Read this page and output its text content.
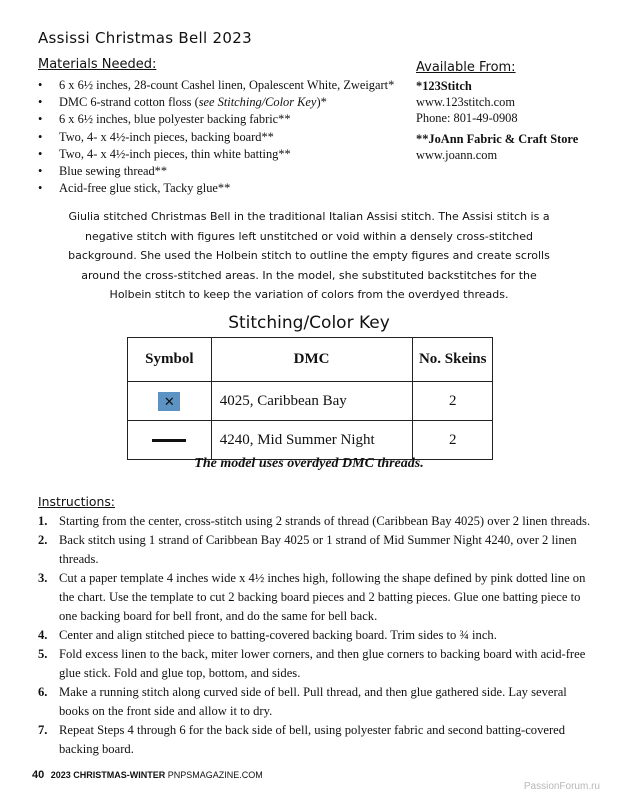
Assissi Christmas Bell 2023
Materials Needed:
• 6 x 6½ inches, 28-count Cashel linen, Opalescent White, Zweigart*
• DMC 6-strand cotton floss (see Stitching/Color Key)*
• 6 x 6½ inches, blue polyester backing fabric**
• Two, 4- x 4½-inch pieces, backing board**
• Two, 4- x 4½-inch pieces, thin white batting**
• Blue sewing thread**
• Acid-free glue stick, Tacky glue**
Available From:
*123Stitch
www.123stitch.com
Phone: 801-49-0908
**JoAnn Fabric & Craft Store
www.joann.com
Giulia stitched Christmas Bell in the traditional Italian Assisi stitch. The Assisi stitch is a negative stitch with figures left unstitched or void within a densely cross-stitched background. She used the Holbein stitch to outline the empty figures and create scrolls around the cross-stitched areas. In the model, she substituted backstitches for the Holbein stitch to keep the variation of colors from the overdyed threads.
Stitching/Color Key
Symbol	DMC	No. Skeins
✕	4025, Caribbean Bay	2
	4240, Mid Summer Night	2
The model uses overdyed DMC threads.
Instructions:
1. Starting from the center, cross-stitch using 2 strands of thread (Caribbean Bay 4025) over 2 linen threads.
2. Back stitch using 1 strand of Caribbean Bay 4025 or 1 strand of Mid Summer Night 4240, over 2 linen threads.
3. Cut a paper template 4 inches wide x 4½ inches high, following the shape defined by pink dotted line on the chart. Use the template to cut 2 backing board pieces and 2 batting pieces. Glue one batting piece to one backing board for bell front, and do the same for bell back.
4. Center and align stitched piece to batting-covered backing board. Trim sides to ¾ inch.
5. Fold excess linen to the back, miter lower corners, and then glue corners to backing board with acid-free glue stick. Fold and glue top, bottom, and sides.
6. Make a running stitch along curved side of bell. Pull thread, and then glue gathered side. Lay several books on the front side and allow it to dry.
7. Repeat Steps 4 through 6 for the back side of bell, using polyester fabric and second batting-covered backing board.
40 2023 CHRISTMAS-WINTER PNPSMAGAZINE.COM
PassionForum.ru
